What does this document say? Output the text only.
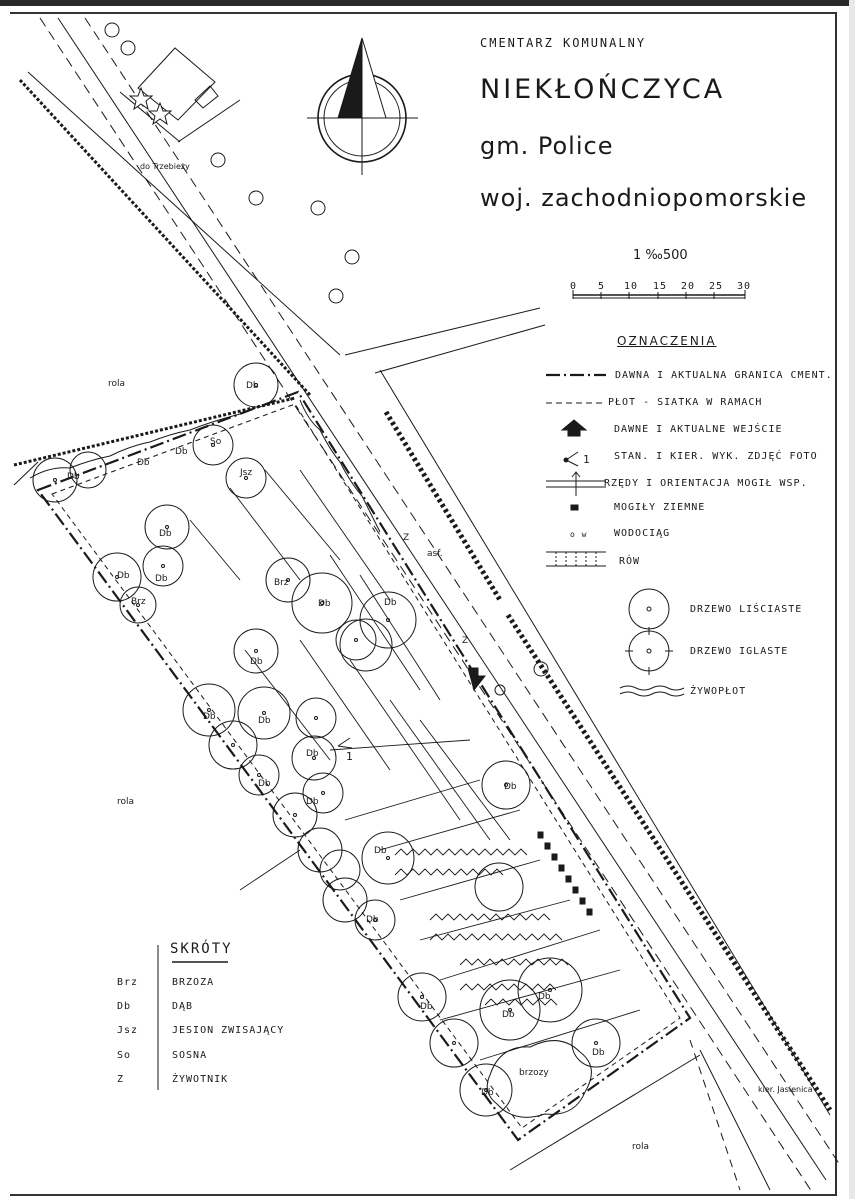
CMENTARZ KOMUNALNY
NIEKŁOŃCZYCA
gm. Police
woj. zachodniopomorskie
1 ‰500
0 5 10 15 20 25 30
OZNACZENIA
DAWNA I AKTUALNA GRANICA CMENT.
PŁOT - SIATKA W RAMACH
DAWNE I AKTUALNE WEJŚCIE
STAN. I KIER. WYK. ZDJĘĆ FOTO
RZĘDY I ORIENTACJA MOGIŁ WSP.
MOGIŁY ZIEMNE
WODOCIĄG
RÓW
DRZEWO LIŚCIASTE
DRZEWO IGLASTE
ŻYWOPŁOT
1
o w
SKRÓTY
Brz	BRZOZA
Db	DĄB
Jsz	JESION ZWISAJĄCY
So	SOSNA
Z	ŻYWOTNIK
do Trzebieży
kier. Jasienica
rola
rola
rola
asf.
brzozy
1
Db
Db
Db
Db
So
Jsz
Db
Db
Db
Brz
Brz
Db	Db
Db
Db	Db
Db
Db
Db
Db
Db
Db
Db
Db
Db
Db
Db
Z
Z
